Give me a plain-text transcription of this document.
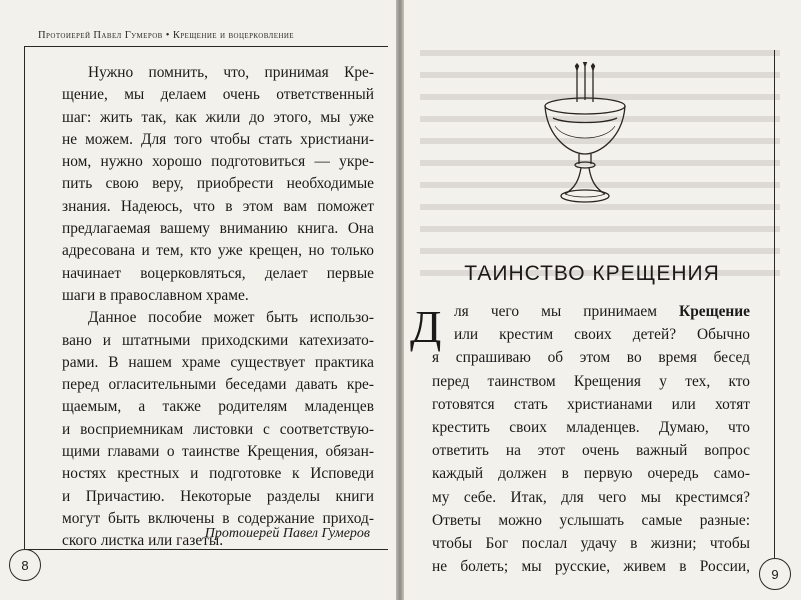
Протоиерей Павел Гумеров • Крещение и воцерковление
Нужно помнить, что, принимая Кре-
щение, мы делаем очень ответственный
шаг: жить так, как жили до этого, мы уже
не можем. Для того чтобы стать христиани-
ном, нужно хорошо подготовиться — укре-
пить свою веру, приобрести необходимые
знания. Надеюсь, что в этом вам поможет
предлагаемая вашему вниманию книга. Она
адресована и тем, кто уже крещен, но только
начинает воцерковляться, делает первые
шаги в православном храме.
Данное пособие может быть использо-
вано и штатными приходскими катехизато-
рами. В нашем храме существует практика
перед огласительными беседами давать кре-
щаемым, а также родителям младенцев
и восприемникам листовки с соответствую-
щими главами о таинстве Крещения, обязан-
ностях крестных и подготовке к Исповеди
и Причастию. Некоторые разделы книги
могут быть включены в содержание приход-
ского листка или газеты.
Протоиерей Павел Гумеров
8
ТАИНСТВО КРЕЩЕНИЯ
Д ля чего мы принимаем Крещение
или крестим своих детей? Обычно
я спрашиваю об этом во время бесед
перед таинством Крещения у тех, кто
готовятся стать христианами или хотят
крестить своих младенцев. Думаю, что
ответить на этот очень важный вопрос
каждый должен в первую очередь само-
му себе. Итак, для чего мы крестимся?
Ответы можно услышать самые разные:
чтобы Бог послал удачу в жизни; чтобы
не болеть; мы русские, живем в России,	9
